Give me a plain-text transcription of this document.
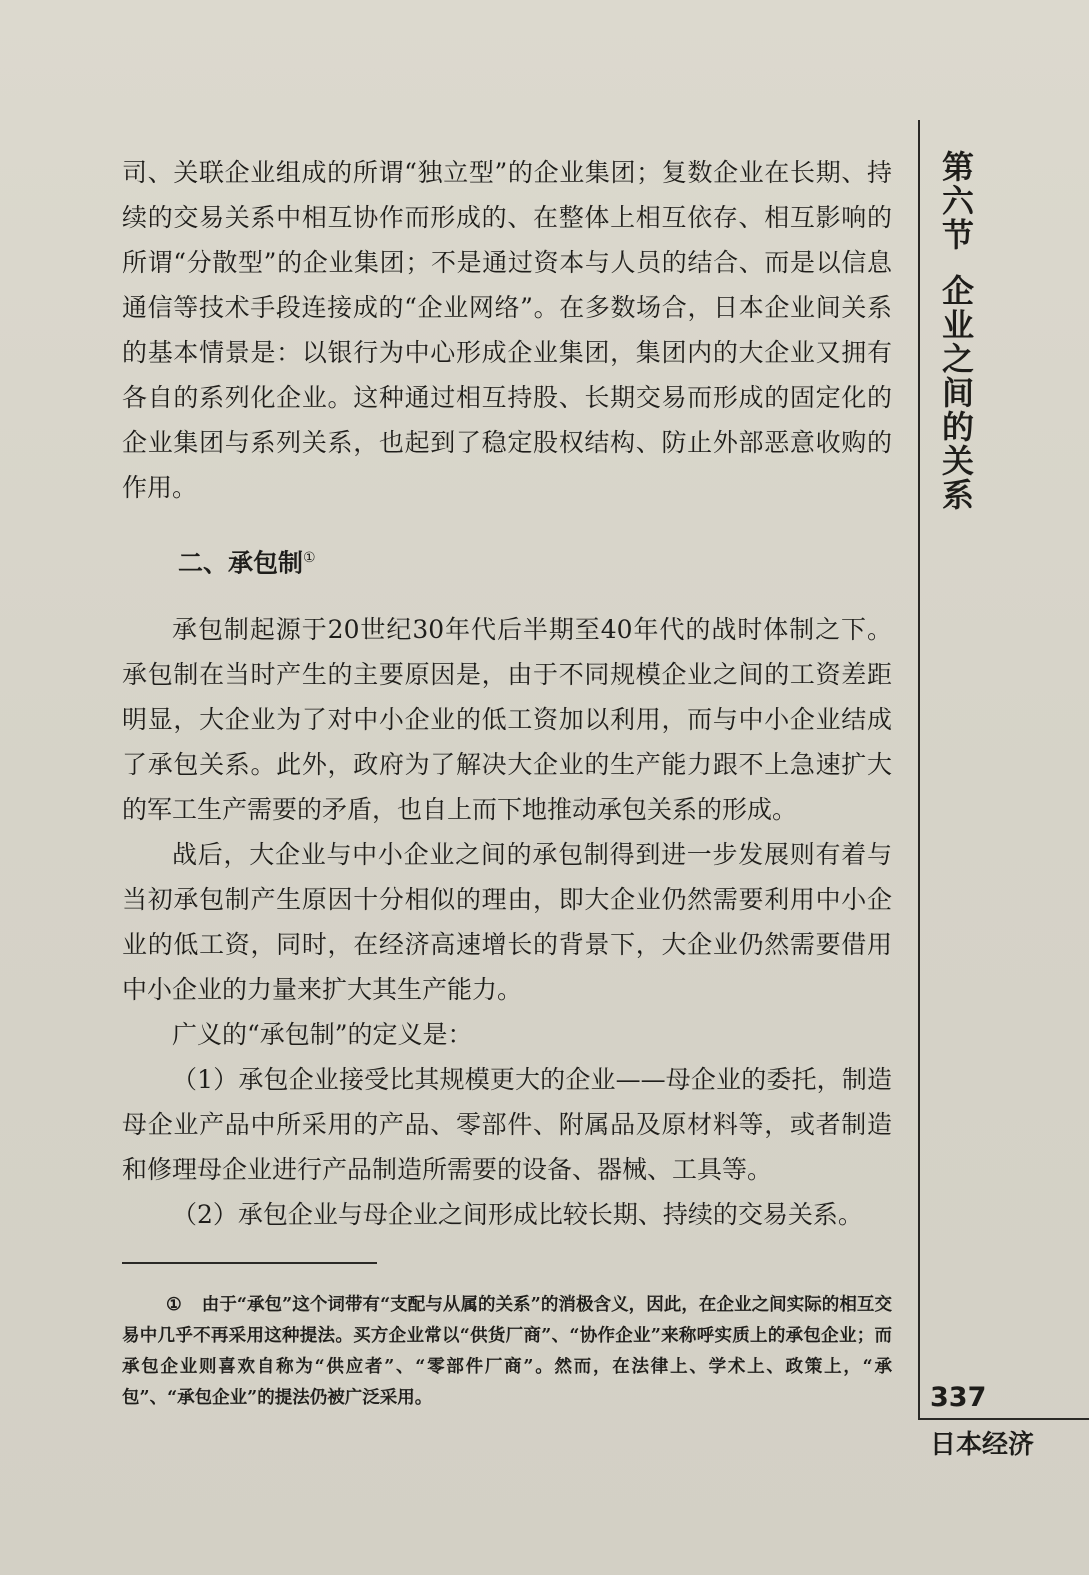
司、关联企业组成的所谓“独立型”的企业集团；复数企业在长期、持续的交易关系中相互协作而形成的、在整体上相互依存、相互影响的所谓“分散型”的企业集团；不是通过资本与人员的结合、而是以信息通信等技术手段连接成的“企业网络”。在多数场合，日本企业间关系的基本情景是：以银行为中心形成企业集团，集团内的大企业又拥有各自的系列化企业。这种通过相互持股、长期交易而形成的固定化的企业集团与系列关系，也起到了稳定股权结构、防止外部恶意收购的作用。

二、承包制①

承包制起源于20世纪30年代后半期至40年代的战时体制之下。承包制在当时产生的主要原因是，由于不同规模企业之间的工资差距明显，大企业为了对中小企业的低工资加以利用，而与中小企业结成了承包关系。此外，政府为了解决大企业的生产能力跟不上急速扩大的军工生产需要的矛盾，也自上而下地推动承包关系的形成。

战后，大企业与中小企业之间的承包制得到进一步发展则有着与当初承包制产生原因十分相似的理由，即大企业仍然需要利用中小企业的低工资，同时，在经济高速增长的背景下，大企业仍然需要借用中小企业的力量来扩大其生产能力。

广义的“承包制”的定义是：

（1）承包企业接受比其规模更大的企业——母企业的委托，制造母企业产品中所采用的产品、零部件、附属品及原材料等，或者制造和修理母企业进行产品制造所需要的设备、器械、工具等。

（2）承包企业与母企业之间形成比较长期、持续的交易关系。

① 由于“承包”这个词带有“支配与从属的关系”的消极含义，因此，在企业之间实际的相互交易中几乎不再采用这种提法。买方企业常以“供货厂商”、“协作企业”来称呼实质上的承包企业；而承包企业则喜欢自称为“供应者”、“零部件厂商”。然而，在法律上、学术上、政策上，“承包”、“承包企业”的提法仍被广泛采用。
第六节企业之间的关系
337
日本经济
